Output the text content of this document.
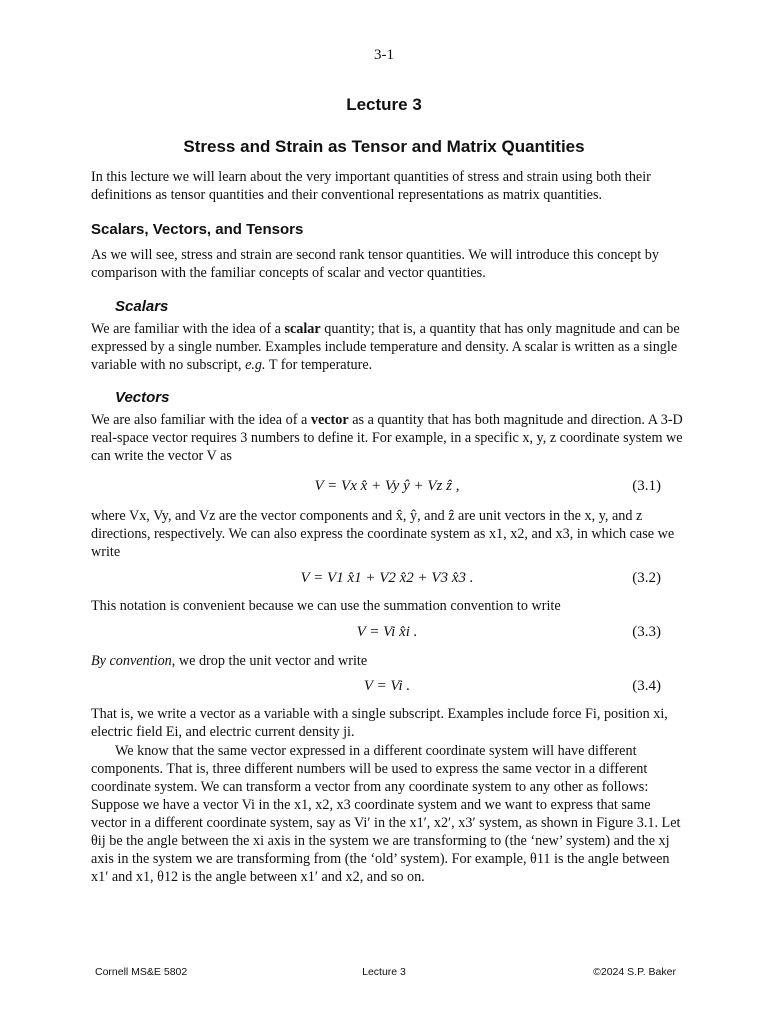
3-1
Lecture 3
Stress and Strain as Tensor and Matrix Quantities

In this lecture we will learn about the very important quantities of stress and strain using both their definitions as tensor quantities and their conventional representations as matrix quantities.

Scalars, Vectors, and Tensors

As we will see, stress and strain are second rank tensor quantities. We will introduce this concept by comparison with the familiar concepts of scalar and vector quantities.

Scalars

We are familiar with the idea of a scalar quantity; that is, a quantity that has only magnitude and can be expressed by a single number. Examples include temperature and density. A scalar is written as a single variable with no subscript, e.g. T for temperature.

Vectors

We are also familiar with the idea of a vector as a quantity that has both magnitude and direction. A 3-D real-space vector requires 3 numbers to define it. For example, in a specific x, y, z coordinate system we can write the vector V as

V = Vx x̂ + Vy ŷ + Vz ẑ ,	(3.1)

where Vx, Vy, and Vz are the vector components and x̂, ŷ, and ẑ are unit vectors in the x, y, and z directions, respectively. We can also express the coordinate system as x1, x2, and x3, in which case we write

V = V1 x̂1 + V2 x̂2 + V3 x̂3 .	(3.2)

This notation is convenient because we can use the summation convention to write

V = Vi x̂i .	(3.3)

By convention, we drop the unit vector and write

V = Vi .	(3.4)

That is, we write a vector as a variable with a single subscript. Examples include force Fi, position xi, electric field Ei, and electric current density ji.

We know that the same vector expressed in a different coordinate system will have different components. That is, three different numbers will be used to express the same vector in a different coordinate system. We can transform a vector from any coordinate system to any other as follows: Suppose we have a vector Vi in the x1, x2, x3 coordinate system and we want to express that same vector in a different coordinate system, say as Vi′ in the x1′, x2′, x3′ system, as shown in Figure 3.1. Let θij be the angle between the xi axis in the system we are transforming to (the ‘new’ system) and the xj axis in the system we are transforming from (the ‘old’ system). For example, θ11 is the angle between x1′ and x1, θ12 is the angle between x1′ and x2, and so on.

Cornell MS&E 5802	Lecture 3	©2024 S.P. Baker
